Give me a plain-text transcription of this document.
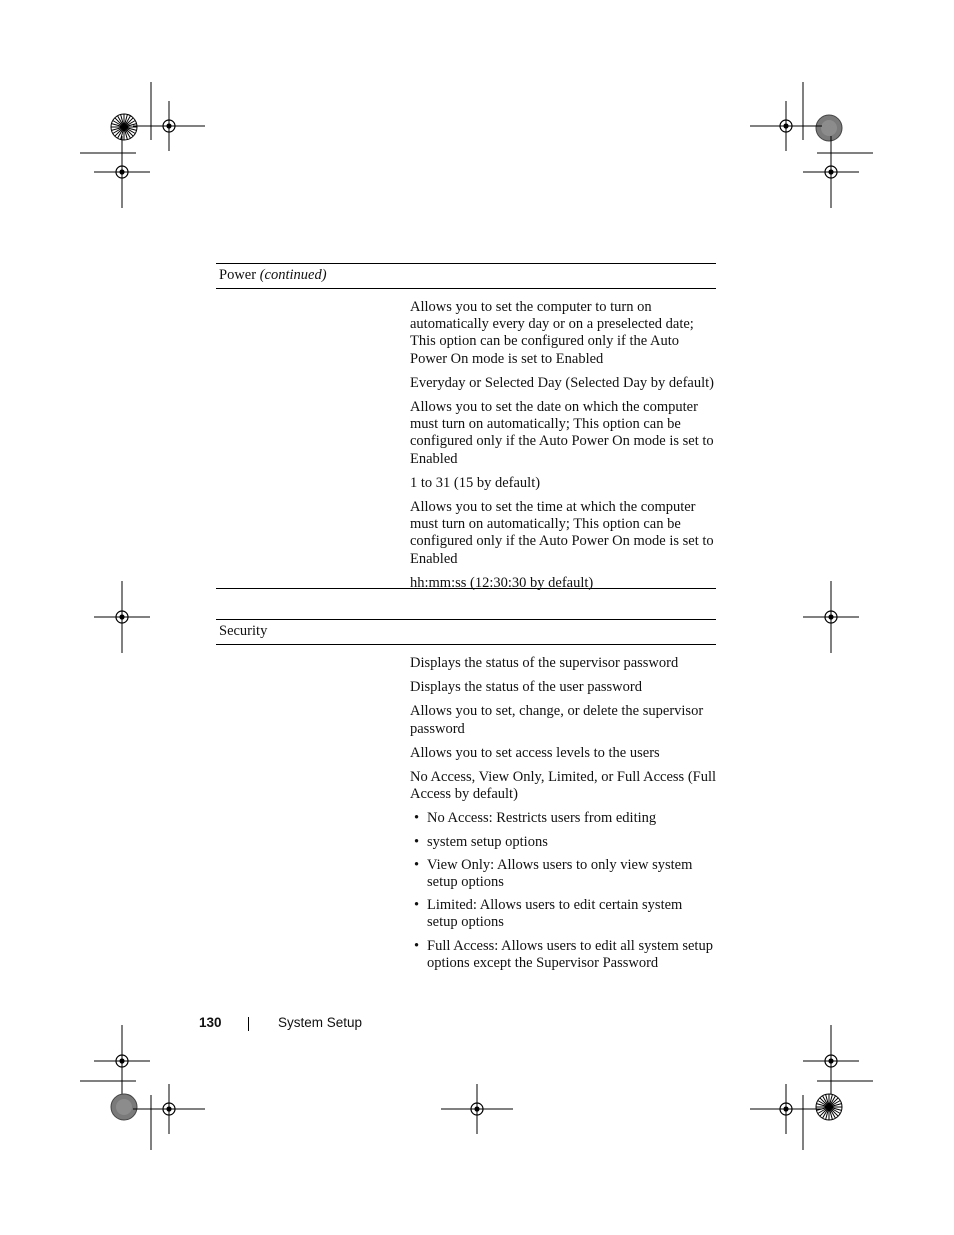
Power (continued)

Allows you to set the computer to turn on automatically every day or on a preselected date; This option can be configured only if the Auto Power On mode is set to Enabled

Everyday or Selected Day (Selected Day by default)

Allows you to set the date on which the computer must turn on automatically; This option can be configured only if the Auto Power On mode is set to Enabled

1 to 31 (15 by default)

Allows you to set the time at which the computer must turn on automatically; This option can be configured only if the Auto Power On mode is set to Enabled

hh:mm:ss (12:30:30 by default)

Security

Displays the status of the supervisor password

Displays the status of the user password

Allows you to set, change, or delete the supervisor password

Allows you to set access levels to the users

No Access, View Only, Limited, or Full Access (Full Access by default)

• No Access: Restricts users from editing
• system setup options
• View Only: Allows users to only view system setup options
• Limited: Allows users to edit certain system setup options
• Full Access: Allows users to edit all system setup options except the Supervisor Password
130	System Setup
